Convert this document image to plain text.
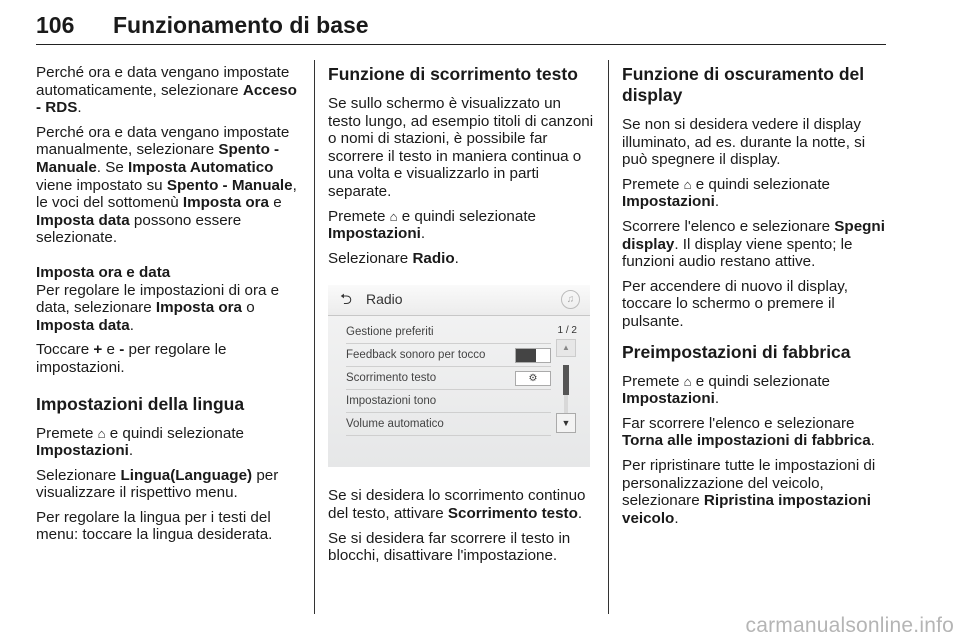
106 Funzionamento di base

Perché ora e data vengano impostate automaticamente, selezionare Acceso - RDS.

Perché ora e data vengano impostate manualmente, selezionare Spento - Manuale. Se Imposta Automatico viene impostato su Spento - Manuale, le voci del sottomenù Imposta ora e Imposta data possono essere selezionate.

Imposta ora e data
Per regolare le impostazioni di ora e data, selezionare Imposta ora o Imposta data.

Toccare + e - per regolare le impostazioni.

Impostazioni della lingua

Premete ⌂ e quindi selezionate Impostazioni.

Selezionare Lingua(Language) per visualizzare il rispettivo menu.

Per regolare la lingua per i testi del menu: toccare la lingua desiderata.

Funzione di scorrimento testo

Se sullo schermo è visualizzato un testo lungo, ad esempio titoli di canzoni o nomi di stazioni, è possibile far scorrere il testo in maniera continua o una volta e visualizzarlo in parti separate.

Premete ⌂ e quindi selezionate Impostazioni.

Selezionare Radio.

⮌ Radio	♫
1 / 2
Gestione preferiti
Feedback sonoro per tocco
Scorrimento testo	⚙
Impostazioni tono
Volume automatico
▲
▼

Se si desidera lo scorrimento continuo del testo, attivare Scorrimento testo.

Se si desidera far scorrere il testo in blocchi, disattivare l'impostazione.

Funzione di oscuramento del display

Se non si desidera vedere il display illuminato, ad es. durante la notte, si può spegnere il display.

Premete ⌂ e quindi selezionate Impostazioni.

Scorrere l'elenco e selezionare Spegni display. Il display viene spento; le funzioni audio restano attive.

Per accendere di nuovo il display, toccare lo schermo o premere il pulsante.

Preimpostazioni di fabbrica

Premete ⌂ e quindi selezionate Impostazioni.

Far scorrere l'elenco e selezionare Torna alle impostazioni di fabbrica.

Per ripristinare tutte le impostazioni di personalizzazione del veicolo, selezionare Ripristina impostazioni veicolo.

carmanualsonline.info
